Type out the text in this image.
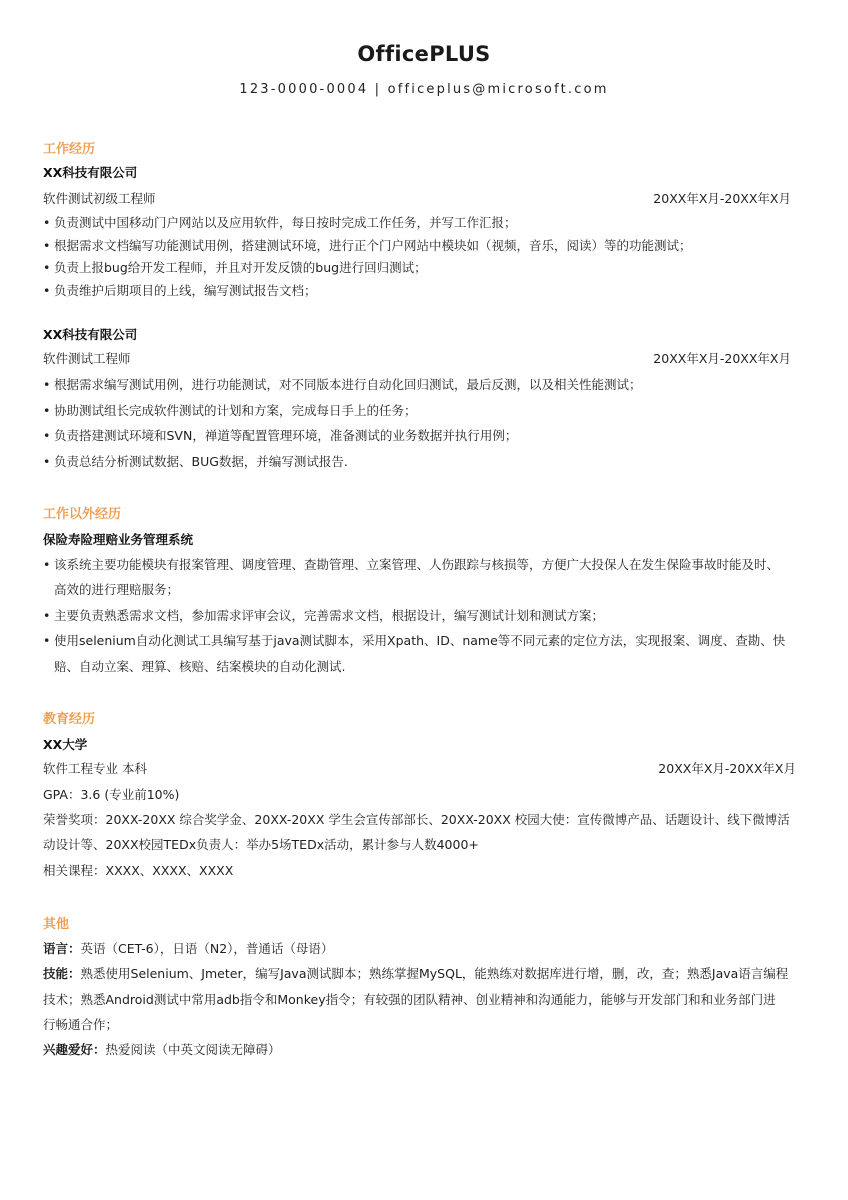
OfficePLUS
123-0000-0004 | officeplus@microsoft.com
工作经历
XX科技有限公司
软件测试初级工程师	20XX年X月-20XX年X月
• 负责测试中国移动门户网站以及应用软件，每日按时完成工作任务，并写工作汇报；
• 根据需求文档编写功能测试用例，搭建测试环境，进行正个门户网站中模块如（视频，音乐，阅读）等的功能测试；
• 负责上报bug给开发工程师，并且对开发反馈的bug进行回归测试；
• 负责维护后期项目的上线，编写测试报告文档；
XX科技有限公司
软件测试工程师	20XX年X月-20XX年X月
• 根据需求编写测试用例，进行功能测试，对不同版本进行自动化回归测试，最后反测，以及相关性能测试；
• 协助测试组长完成软件测试的计划和方案，完成每日手上的任务；
• 负责搭建测试环境和SVN，禅道等配置管理环境，准备测试的业务数据并执行用例；
• 负责总结分析测试数据、BUG数据，并编写测试报告.
工作以外经历
保险寿险理赔业务管理系统
• 该系统主要功能模块有报案管理、调度管理、查勘管理、立案管理、人伤跟踪与核损等，方便广大投保人在发生保险事故时能及时、
高效的进行理赔服务；
• 主要负责熟悉需求文档，参加需求评审会议，完善需求文档，根据设计，编写测试计划和测试方案；
• 使用selenium自动化测试工具编写基于java测试脚本，采用Xpath、ID、name等不同元素的定位方法，实现报案、调度、查勘、快
赔、自动立案、理算、核赔、结案模块的自动化测试.
教育经历
XX大学
软件工程专业 本科	20XX年X月-20XX年X月
GPA：3.6 (专业前10%)
荣誉奖项：20XX-20XX 综合奖学金、20XX-20XX 学生会宣传部部长、20XX-20XX 校园大使：宣传微博产品、话题设计、线下微博活
动设计等、20XX校园TEDx负责人：举办5场TEDx活动，累计参与人数4000+
相关课程：XXXX、XXXX、XXXX
其他
语言：英语（CET-6），日语（N2），普通话（母语）
技能：熟悉使用Selenium、Jmeter，编写Java测试脚本；熟练掌握MySQL，能熟练对数据库进行增，删，改，查；熟悉Java语言编程
技术；熟悉Android测试中常用adb指令和Monkey指令；有较强的团队精神、创业精神和沟通能力，能够与开发部门和和业务部门进
行畅通合作；
兴趣爱好：热爱阅读（中英文阅读无障碍）
